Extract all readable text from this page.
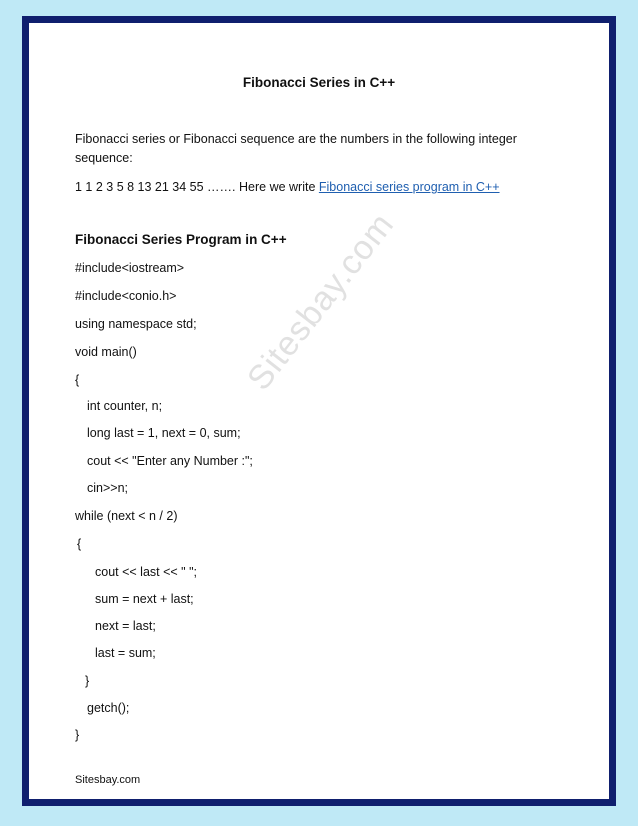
Fibonacci Series in C++
Fibonacci series or Fibonacci sequence are the numbers in the following integer sequence:
1 1 2 3 5 8 13 21 34 55 ……. Here we write Fibonacci series program in C++
Fibonacci Series Program in C++
#include<iostream>
#include<conio.h>
using namespace std;
void main()
{
int counter, n;
long last = 1, next = 0, sum;
cout << "Enter any Number :";
cin>>n;
while (next < n / 2)
{
cout << last << " ";
sum = next + last;
next = last;
last = sum;
}
getch();
}
Sitesbay.com
Sitesbay.com
